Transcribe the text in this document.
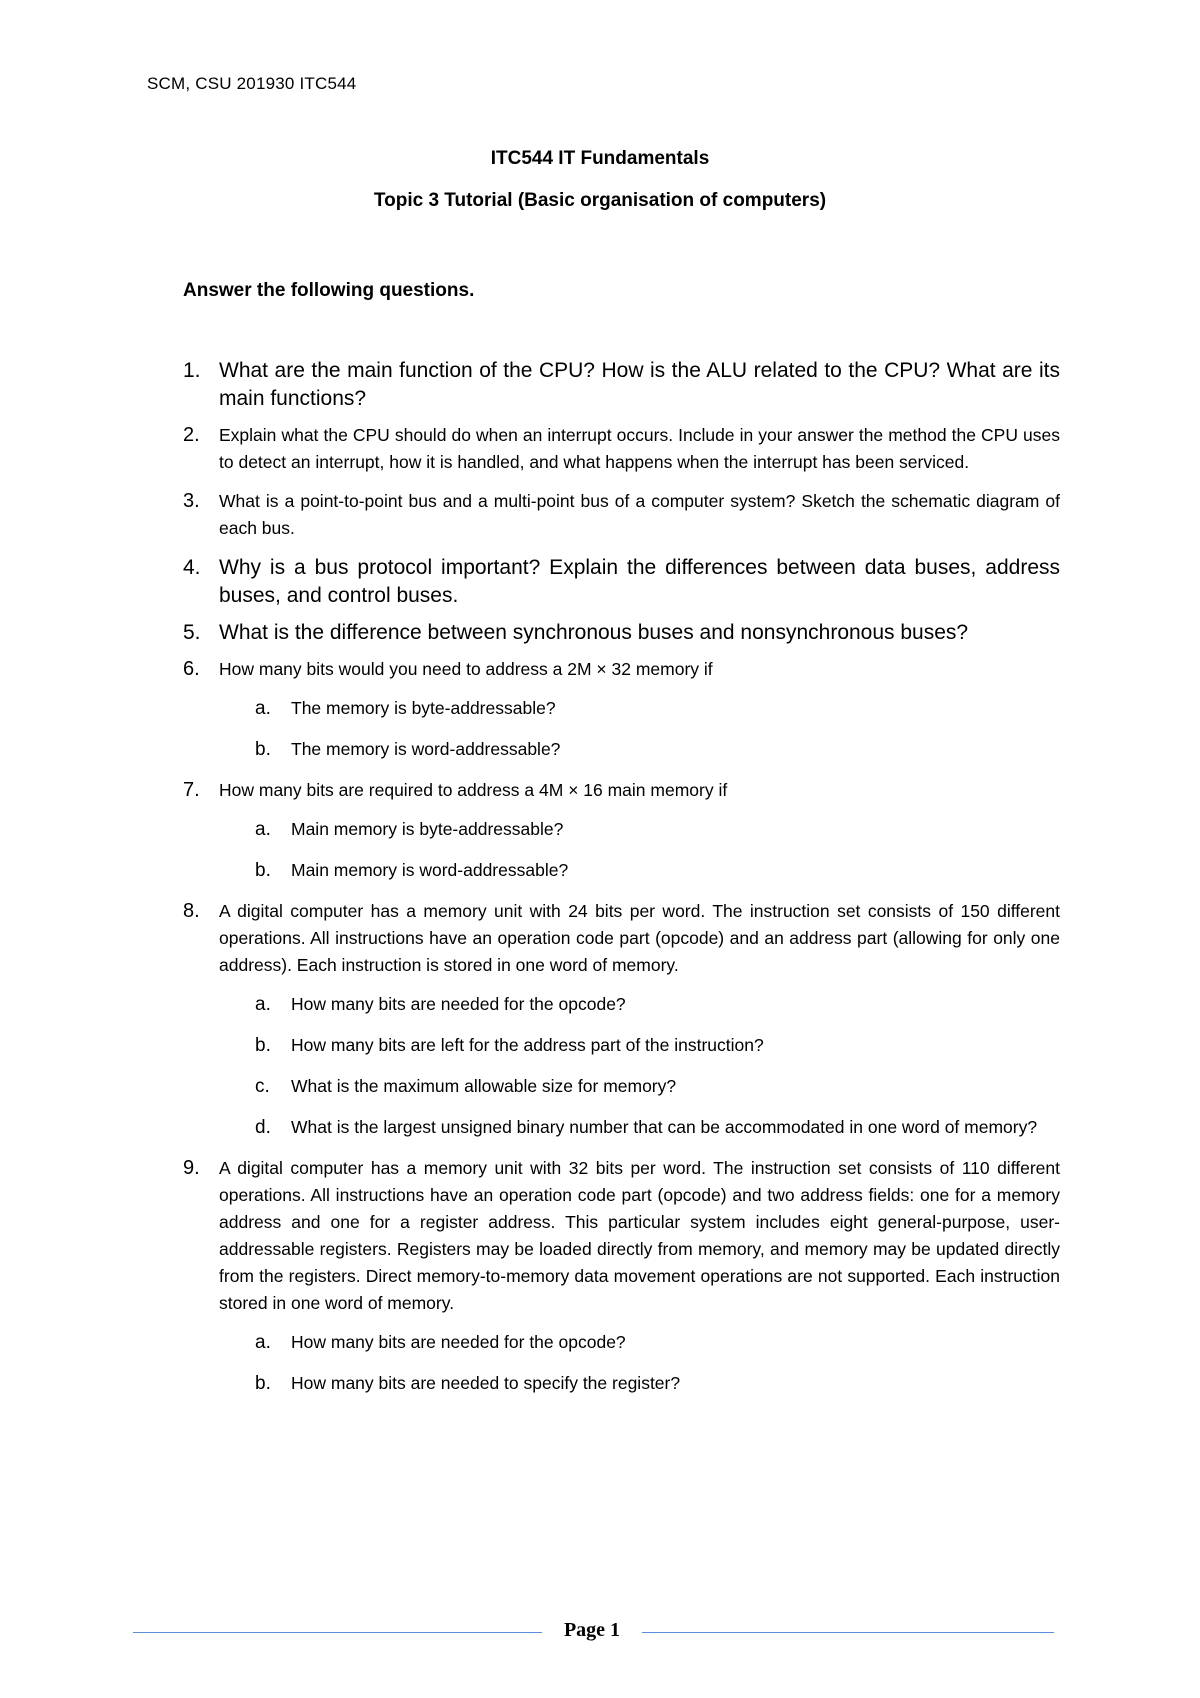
SCM, CSU 201930 ITC544
ITC544 IT Fundamentals
Topic 3 Tutorial (Basic organisation of computers)
Answer the following questions.
1. What are the main function of the CPU? How is the ALU related to the CPU? What are its main functions?
2. Explain what the CPU should do when an interrupt occurs. Include in your answer the method the CPU uses to detect an interrupt, how it is handled, and what happens when the interrupt has been serviced.
3. What is a point-to-point bus and a multi-point bus of a computer system? Sketch the schematic diagram of each bus.
4. Why is a bus protocol important? Explain the differences between data buses, address buses, and control buses.
5. What is the difference between synchronous buses and nonsynchronous buses?
6. How many bits would you need to address a 2M × 32 memory if
a. The memory is byte-addressable?
b. The memory is word-addressable?
7. How many bits are required to address a 4M × 16 main memory if
a. Main memory is byte-addressable?
b. Main memory is word-addressable?
8. A digital computer has a memory unit with 24 bits per word. The instruction set consists of 150 different operations. All instructions have an operation code part (opcode) and an address part (allowing for only one address). Each instruction is stored in one word of memory.
a. How many bits are needed for the opcode?
b. How many bits are left for the address part of the instruction?
c. What is the maximum allowable size for memory?
d. What is the largest unsigned binary number that can be accommodated in one word of memory?
9. A digital computer has a memory unit with 32 bits per word. The instruction set consists of 110 different operations. All instructions have an operation code part (opcode) and two address fields: one for a memory address and one for a register address. This particular system includes eight general-purpose, user-addressable registers. Registers may be loaded directly from memory, and memory may be updated directly from the registers. Direct memory-to-memory data movement operations are not supported. Each instruction stored in one word of memory.
a. How many bits are needed for the opcode?
b. How many bits are needed to specify the register?
Page 1
